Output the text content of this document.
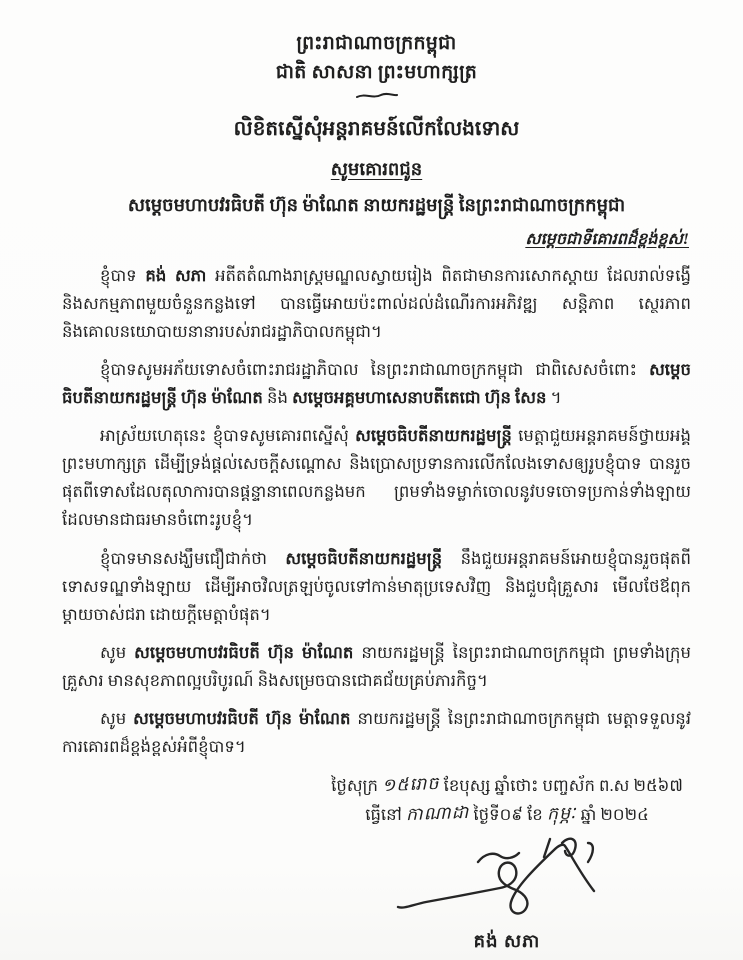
ព្រះរាជាណាចក្រកម្ពុជា
ជាតិ សាសនា ព្រះមហាក្សត្រ
លិខិតស្នើសុំអន្តរាគមន៍លើកលែងទោស
សូមគោរពជូន
សម្តេចមហាបវរធិបតី ហ៊ុន ម៉ាណែត នាយករដ្ឋមន្ត្រី នៃព្រះរាជាណាចក្រកម្ពុជា
សម្តេចជាទីគោរពដ៏ខ្ពង់ខ្ពស់!

ខ្ញុំបាទ គង់ សភា អតីតតំណាងរាស្ត្រមណ្ឌលស្វាយរៀង ពិតជាមានការសោកស្តាយ ដែលរាល់ទង្វើ និងសកម្មភាពមួយចំនួនកន្លងទៅ បានធ្វើអោយប៉ះពាល់ដល់ដំណើរការអភិវឌ្ឍ សន្តិភាព ស្ថេរភាព និងគោលនយោបាយនានារបស់រាជរដ្ឋាភិបាលកម្ពុជា។

ខ្ញុំបាទសូមអភ័យទោសចំពោះរាជរដ្ឋាភិបាល នៃព្រះរាជាណាចក្រកម្ពុជា ជាពិសេសចំពោះ សម្តេចធិបតីនាយករដ្ឋមន្ត្រី ហ៊ុន ម៉ាណែត និង សម្តេចអគ្គមហាសេនាបតីតេជោ ហ៊ុន សែន ។

អាស្រ័យហេតុនេះ ខ្ញុំបាទសូមគោរពស្នើសុំ សម្តេចធិបតីនាយករដ្ឋមន្ត្រី មេត្តាជួយអន្តរាគមន៍ថ្វាយអង្គព្រះមហាក្សត្រ ដើម្បីទ្រង់ផ្តល់សេចក្តីសណ្តោស និងប្រោសប្រទានការលើកលែងទោសឲ្យរូបខ្ញុំបាទ បានរួចផុតពីទោសដែលតុលាការបានផ្តន្ទានាពេលកន្លងមក ព្រមទាំងទម្លាក់ចោលនូវបទចោទប្រកាន់ទាំងឡាយដែលមានជាធរមានចំពោះរូបខ្ញុំ។

ខ្ញុំបាទមានសង្ឃឹមជឿជាក់ថា សម្តេចធិបតីនាយករដ្ឋមន្ត្រី នឹងជួយអន្តរាគមន៍អោយខ្ញុំបានរួចផុតពីទោសទណ្ឌទាំងឡាយ ដើម្បីអាចវិលត្រឡប់ចូលទៅកាន់មាតុប្រទេសវិញ និងជួបជុំគ្រួសារ មើលថែឪពុកម្តាយចាស់ជរា ដោយក្តីមេត្តាបំផុត។

សូម សម្តេចមហាបវរធិបតី ហ៊ុន ម៉ាណែត នាយករដ្ឋមន្ត្រី នៃព្រះរាជាណាចក្រកម្ពុជា ព្រមទាំងក្រុមគ្រួសារ មានសុខភាពល្អបរិបូរណ៍ និងសម្រេចបានជោគជ័យគ្រប់ភារកិច្ច។

សូម សម្តេចមហាបវរធិបតី ហ៊ុន ម៉ាណែត នាយករដ្ឋមន្ត្រី នៃព្រះរាជាណាចក្រកម្ពុជា មេត្តាទទួលនូវការគោរពដ៏ខ្ពង់ខ្ពស់អំពីខ្ញុំបាទ។

ថ្ងៃសុក្រ ១៥រោច ខែបុស្ស ឆ្នាំថោះ បញ្ចស័ក ព.ស ២៥៦៧
ធ្វើនៅ កាណាដា ថ្ងៃទី០៩ ខែ កុម្ភៈ ឆ្នាំ ២០២៤
គង់ សភា
